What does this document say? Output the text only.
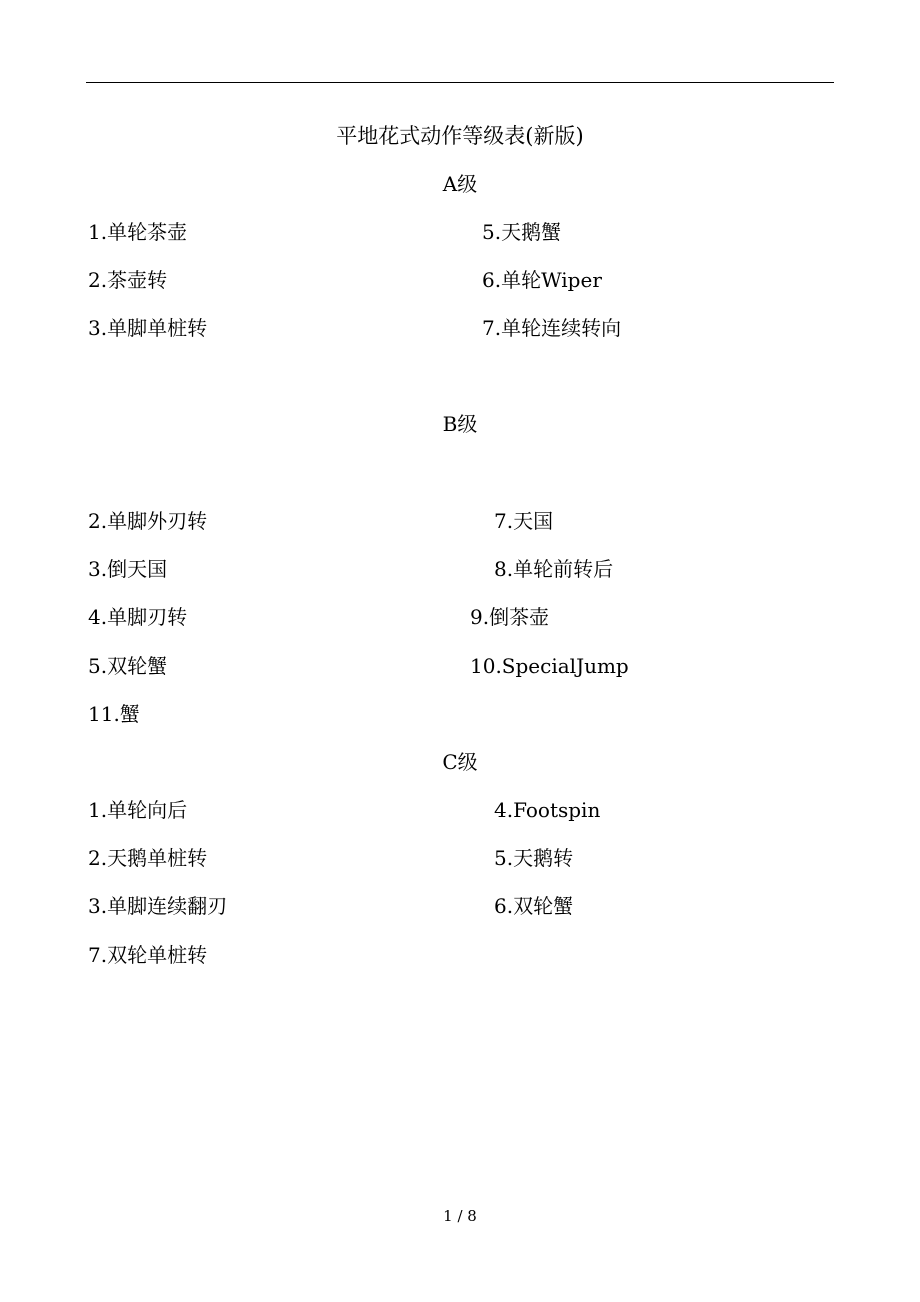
平地花式动作等级表(新版)
A级
1.单轮茶壶
2.茶壶转
3.单脚单桩转
5.天鹅蟹
6.单轮Wiper
7.单轮连续转向
B级
2.单脚外刃转
3.倒天国
4.单脚刃转
5.双轮蟹
11.蟹
7.天国
8.单轮前转后
9.倒茶壶
10.SpecialJump
C级
1.单轮向后
2.天鹅单桩转
3.单脚连续翻刃
7.双轮单桩转
4.Footspin
5.天鹅转
6.双轮蟹
1 / 8
